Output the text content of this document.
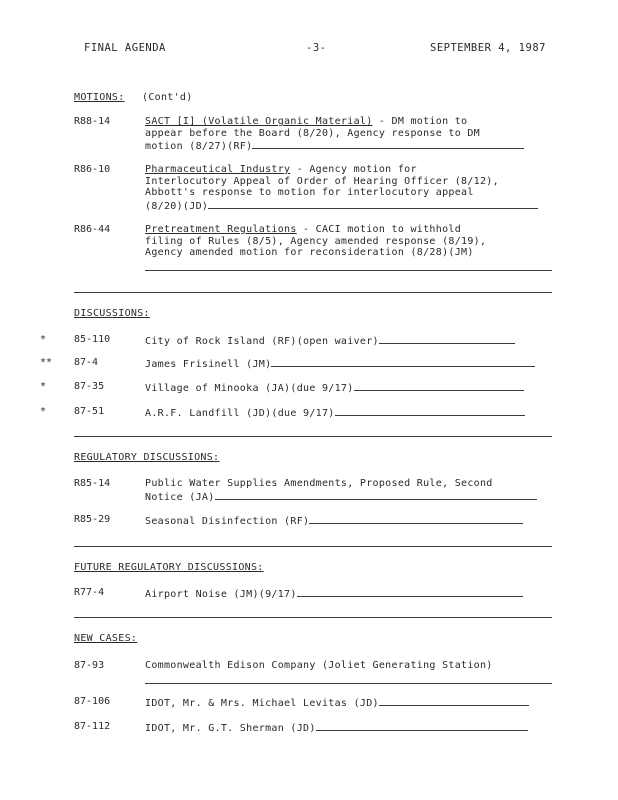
FINAL AGENDA	-3-	SEPTEMBER 4, 1987
MOTIONS: (Cont'd)
R88-14	SACT [I] (Volatile Organic Material) - DM motion to
appear before the Board (8/20), Agency response to DM
motion (8/27)(RF)
R86-10	Pharmaceutical Industry - Agency motion for
Interlocutory Appeal of Order of Hearing Officer (8/12),
Abbott's response to motion for interlocutory appeal
(8/20)(JD)
R86-44	Pretreatment Regulations - CACI motion to withhold
filing of Rules (8/5), Agency amended response (8/19),
Agency amended motion for reconsideration (8/28)(JM)
DISCUSSIONS:
*	85-110	City of Rock Island (RF)(open waiver)
** 87-4	James Frisinell (JM)
*	87-35	Village of Minooka (JA)(due 9/17)
*	87-51	A.R.F. Landfill (JD)(due 9/17)
REGULATORY DISCUSSIONS:
R85-14	Public Water Supplies Amendments, Proposed Rule, Second
Notice (JA)
R85-29	Seasonal Disinfection (RF)
FUTURE REGULATORY DISCUSSIONS:
R77-4	Airport Noise (JM)(9/17)
NEW CASES:
87-93	Commonwealth Edison Company (Joliet Generating Station)
87-106	IDOT, Mr. & Mrs. Michael Levitas (JD)
87-112	IDOT, Mr. G.T. Sherman (JD)
